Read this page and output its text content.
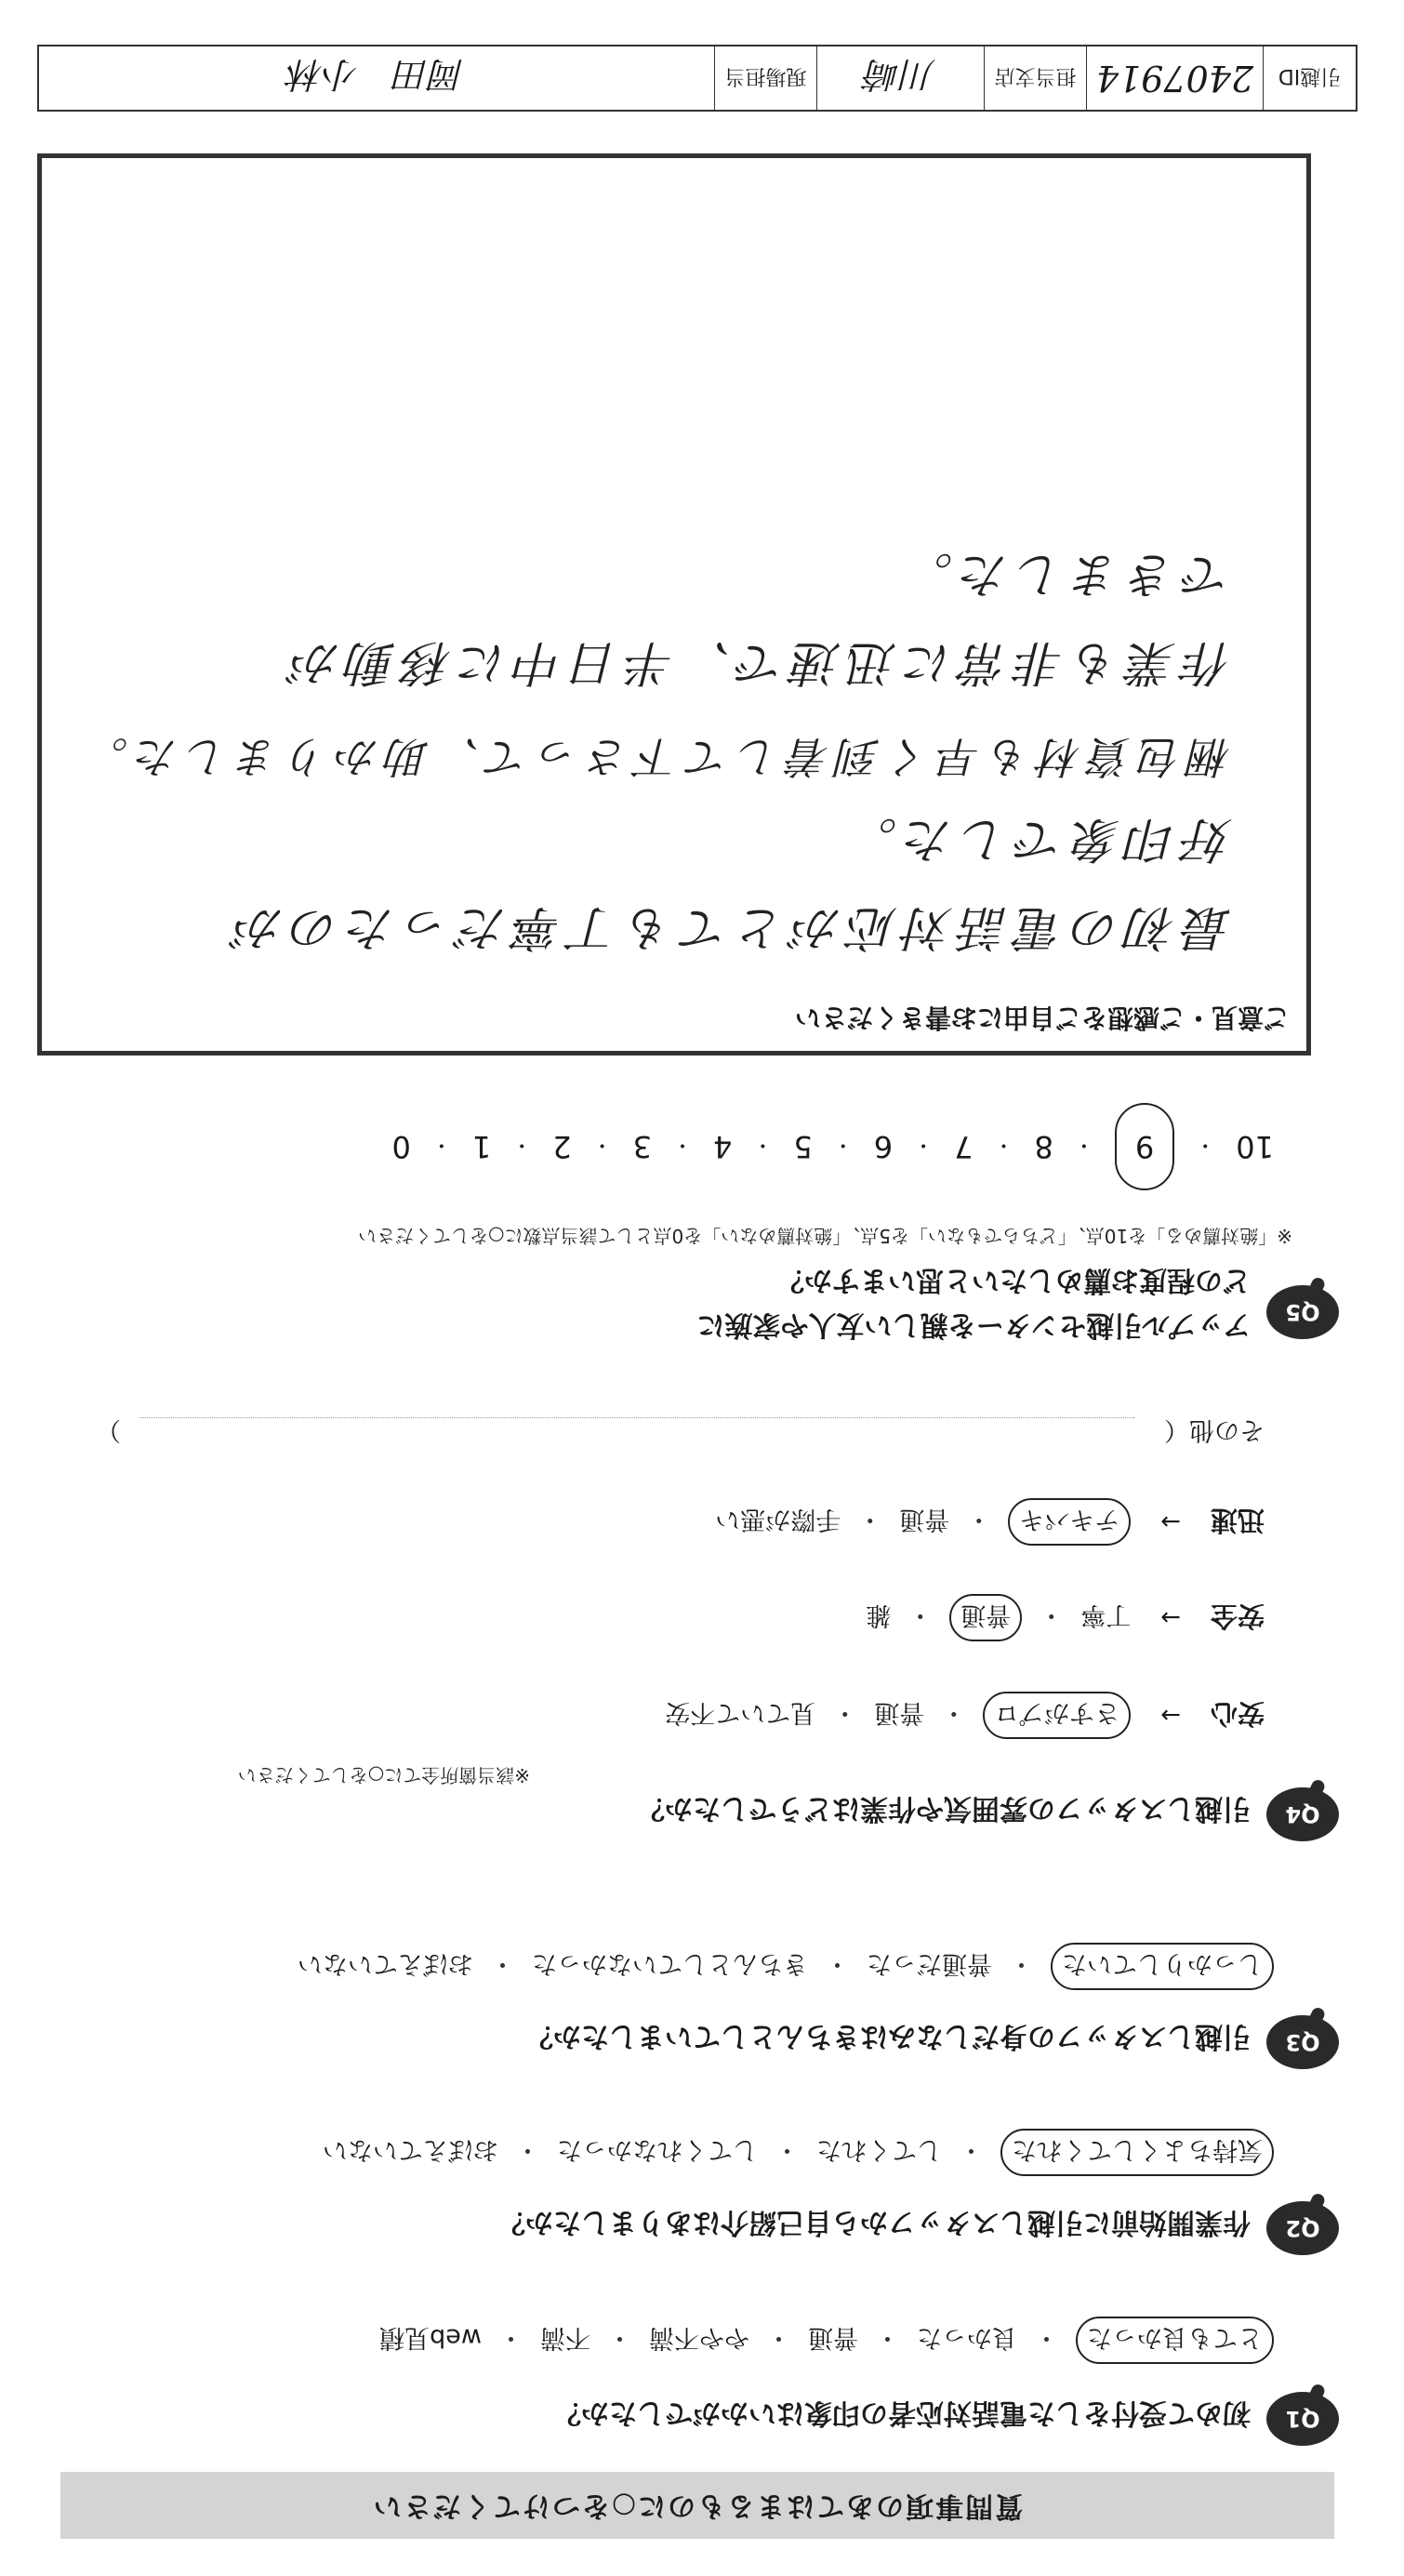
質問事項のあてはまるものに○をつけてください
Q1
初めて受付をした電話対応者の印象はいかがでしたか？
とても良かった
・
良かった
・
普通
・
やや不満
・
不満
・
web見積
Q2
作業開始前に引越しスタッフから自己紹介はありましたか？
気持ちよくしてくれた
・
してくれた
・
してくれなかった
・
おぼえていない
Q3
引越しスタッフの身だしなみはきちんとしていましたか？
しっかりしていた
・
普通だった
・
きちんとしていなかった
・
おぼえていない
Q4
引越しスタッフの雰囲気や作業はどうでしたか？
※該当箇所全てに○をしてください
安心
→
さすがプロ
・
普通
・
見ていて不安
安全
→
丁寧
・
普通
・
雑
迅速
→
テキパキ
・
普通
・
手際が悪い
その他（
）
Q5
アップル引越センターを親しい友人や家族に
どの程度お薦めしたいと思いますか？
※「絶対薦める」を10点、「どちらでもない」を5点、「絶対薦めない」を0点として該当点数に○をしてください
10
・
9
・
8
・
7
・
6
・
5
・
4
・
3
・
2
・
1
・
0
ご意見・ご感想をご自由にお書きください
最初の電話対応がとても丁寧だったのが
好印象でした。
梱包資材も早く到着して下さって、助かりました。
作業も非常に迅速で、半日中に移動が
できました。
引越ID
2407914
担当支店
川崎
現場担当
岡田　小林
